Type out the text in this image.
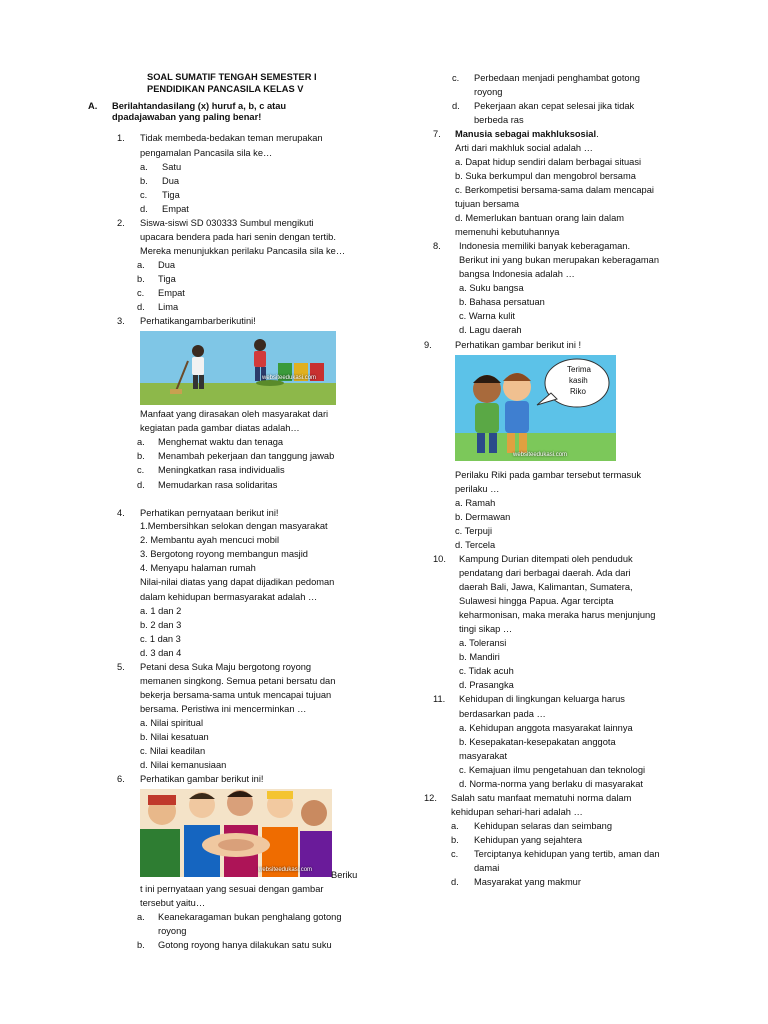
SOAL SUMATIF TENGAH SEMESTER I
PENDIDIKAN PANCASILA KELAS V
A. Berilahtandasilang (x) huruf a, b, c atau
dpadajawaban yang paling benar!
1. Tidak membeda-bedakan teman merupakan
pengamalan Pancasila sila ke…
a. Satu
b. Dua
c. Tiga
d. Empat
2. Siswa-siswi SD 030333 Sumbul mengikuti
upacara bendera pada hari senin dengan tertib.
Mereka menunjukkan perilaku Pancasila sila ke…
a. Dua
b. Tiga
c. Empat
d. Lima
3. Perhatikangambarberikutini!
websiteedukasi.com
Manfaat yang dirasakan oleh masyarakat dari
kegiatan pada gambar diatas adalah…
a. Menghemat waktu dan tenaga
b. Menambah pekerjaan dan tanggung jawab
c. Meningkatkan rasa individualis
d. Memudarkan rasa solidaritas
4. Perhatikan pernyataan berikut ini!
1.Membersihkan selokan dengan masyarakat
2. Membantu ayah mencuci mobil
3. Bergotong royong membangun masjid
4. Menyapu halaman rumah
Nilai-nilai diatas yang dapat dijadikan pedoman
dalam kehidupan bermasyarakat adalah …
a. 1 dan 2
b. 2 dan 3
c. 1 dan 3
d. 3 dan 4
5. Petani desa Suka Maju bergotong royong
memanen singkong. Semua petani bersatu dan
bekerja bersama-sama untuk mencapai tujuan
bersama. Peristiwa ini mencerminkan …
a. Nilai spiritual
b. Nilai kesatuan
c. Nilai keadilan
d. Nilai kemanusiaan
6. Perhatikan gambar berikut ini!
websiteedukasi.com Beriku
t ini pernyataan yang sesuai dengan gambar
tersebut yaitu…
a. Keanekaragaman bukan penghalang gotong
royong
b. Gotong royong hanya dilakukan satu suku
c. Perbedaan menjadi penghambat gotong
royong
d. Pekerjaan akan cepat selesai jika tidak
berbeda ras
7. Manusia sebagai makhluksosial.
Arti dari makhluk social adalah …
a. Dapat hidup sendiri dalam berbagai situasi
b. Suka berkumpul dan mengobrol bersama
c. Berkompetisi bersama-sama dalam mencapai
tujuan bersama
d. Memerlukan bantuan orang lain dalam
memenuhi kebutuhannya
8. Indonesia memiliki banyak keberagaman.
Berikut ini yang bukan merupakan keberagaman
bangsa Indonesia adalah …
a. Suku bangsa
b. Bahasa persatuan
c. Warna kulit
d. Lagu daerah
9. Perhatikan gambar berikut ini !
Terima
kasih
Riko
websiteedukasi.com
Perilaku Riki pada gambar tersebut termasuk
perilaku …
a. Ramah
b. Dermawan
c. Terpuji
d. Tercela
10. Kampung Durian ditempati oleh penduduk
pendatang dari berbagai daerah. Ada dari
daerah Bali, Jawa, Kalimantan, Sumatera,
Sulawesi hingga Papua. Agar tercipta
keharmonisan, maka meraka harus menjunjung
tingi sikap …
a. Toleransi
b. Mandiri
c. Tidak acuh
d. Prasangka
11. Kehidupan di lingkungan keluarga harus
berdasarkan pada …
a. Kehidupan anggota masyarakat lainnya
b. Kesepakatan-kesepakatan anggota
masyarakat
c. Kemajuan ilmu pengetahuan dan teknologi
d. Norma-norma yang berlaku di masyarakat
12. Salah satu manfaat mematuhi norma dalam
kehidupan sehari-hari adalah …
a. Kehidupan selaras dan seimbang
b. Kehidupan yang sejahtera
c. Terciptanya kehidupan yang tertib, aman dan
damai
d. Masyarakat yang makmur
